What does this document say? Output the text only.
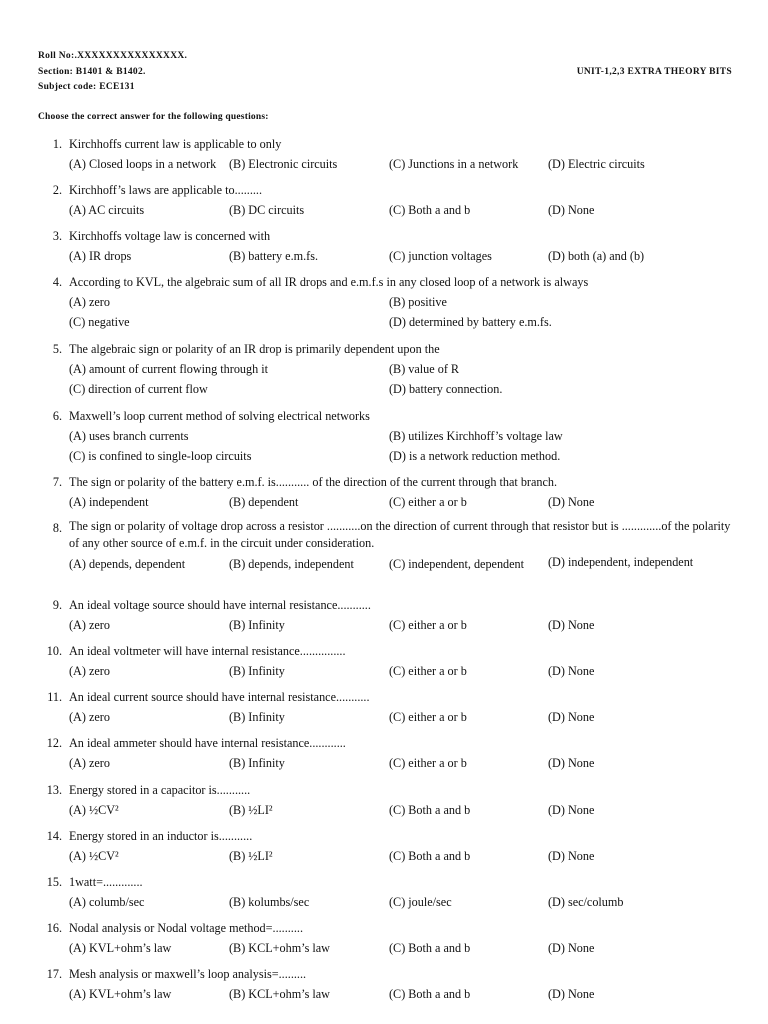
Roll No:.XXXXXXXXXXXXXXX.
Section: B1401 & B1402.
Subject code: ECE131
UNIT-1,2,3 EXTRA THEORY BITS
Choose the correct answer for the following questions:
1. Kirchhoffs current law is applicable to only
(A) Closed loops in a network (B) Electronic circuits	(C) Junctions in a network (D) Electric circuits
2. Kirchhoff’s laws are applicable to.........
(A) AC circuits	(B) DC circuits	(C) Both a and b	(D) None
3. Kirchhoffs voltage law is concerned with
(A) IR drops	(B) battery e.m.fs.	(C) junction voltages	(D) both (a) and (b)
4. According to KVL, the algebraic sum of all IR drops and e.m.f.s in any closed loop of a network is always
(A) zero	(B) positive
(C) negative	(D) determined by battery e.m.fs.
5. The algebraic sign or polarity of an IR drop is primarily dependent upon the
(A) amount of current flowing through it	(B) value of R
(C) direction of current flow	(D) battery connection.
6. Maxwell’s loop current method of solving electrical networks
(A) uses branch currents	(B) utilizes Kirchhoff’s voltage law
(C) is confined to single-loop circuits	(D) is a network reduction method.
7. The sign or polarity of the battery e.m.f. is........... of the direction of the current through that branch.
(A) independent	(B) dependent	(C) either a or b	(D) None
8. The sign or polarity of voltage drop across a resistor ...........on the direction of current through that resistor but is .............of the polarity of any other source of e.m.f. in the circuit under consideration.
(A) depends, dependent	(B) depends, independent	(C) independent, dependent (D) independent, independent
9. An ideal voltage source should have internal resistance...........
(A) zero	(B) Infinity	(C) either a or b	(D) None
10. An ideal voltmeter will have internal resistance...............
(A) zero	(B) Infinity	(C) either a or b	(D) None
11. An ideal current source should have internal resistance...........
(A) zero	(B) Infinity	(C) either a or b	(D) None
12. An ideal ammeter should have internal resistance............
(A) zero	(B) Infinity	(C) either a or b	(D) None
13. Energy stored in a capacitor is...........
(A) ½CV²	(B) ½LI²	(C) Both a and b	(D) None
14. Energy stored in an inductor is...........
(A) ½CV²	(B) ½LI²	(C) Both a and b	(D) None
15. 1watt=.............
(A) columb/sec	(B) kolumbs/sec	(C) joule/sec	(D) sec/columb
16. Nodal analysis or Nodal voltage method=..........
(A) KVL+ohm’s law	(B) KCL+ohm’s law	(C) Both a and b	(D) None
17. Mesh analysis or maxwell’s loop analysis=.........
(A) KVL+ohm’s law	(B) KCL+ohm’s law	(C) Both a and b	(D) None
